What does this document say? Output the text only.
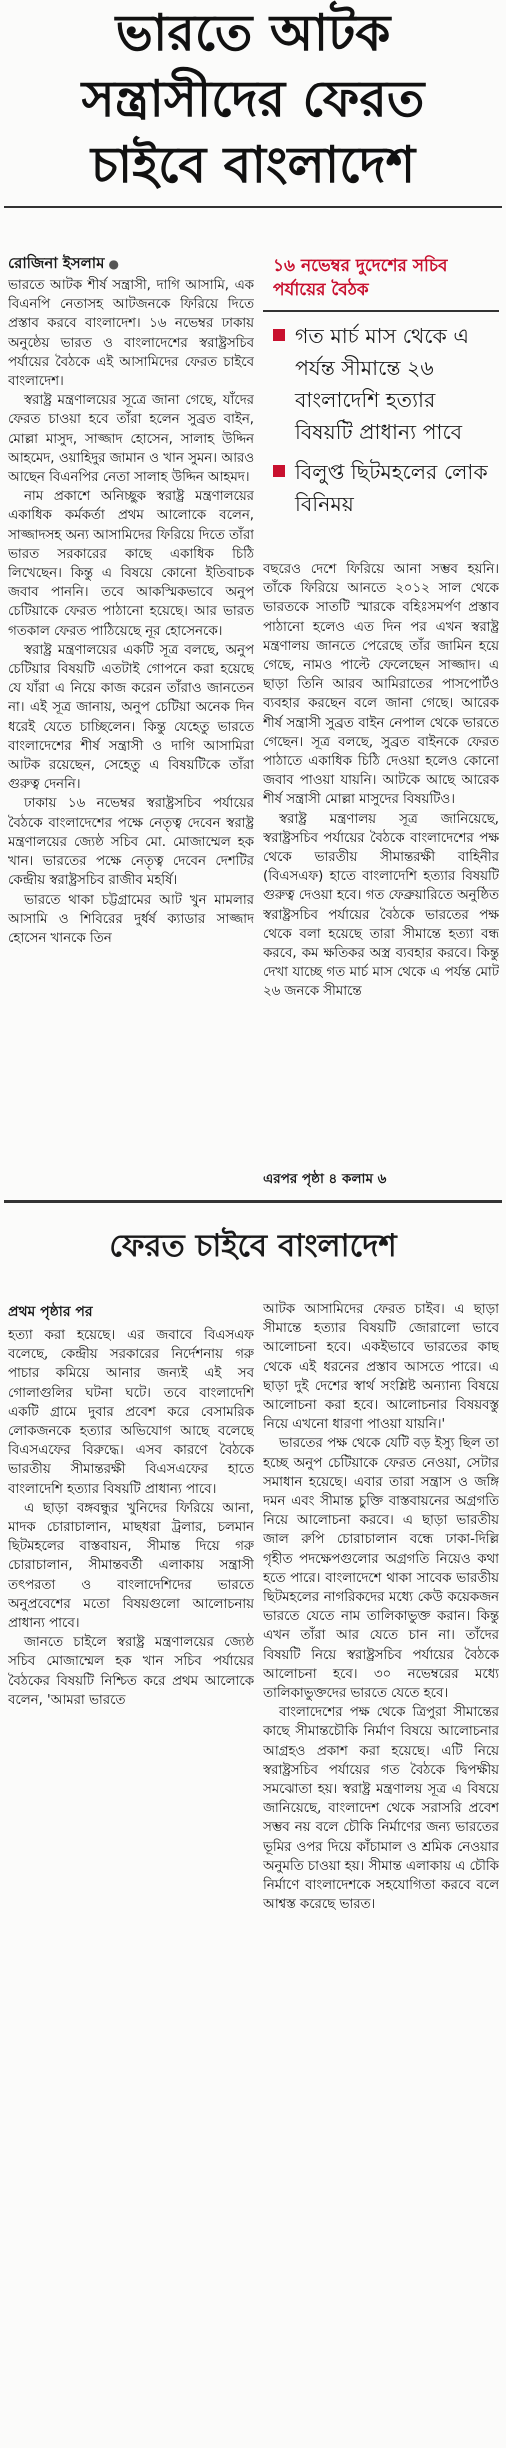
ভারতে আটক
সন্ত্রাসীদের ফেরত
চাইবে বাংলাদেশ
রোজিনা ইসলাম ●	১৬ নভেম্বর দুদেশের সচিব পর্যায়ের বৈঠক
গত মার্চ মাস থেকে এ পর্যন্ত সীমান্তে ২৬ বাংলাদেশি হত্যার বিষয়টি প্রাধান্য পাবে
বিলুপ্ত ছিটমহলের লোক বিনিময়

ভারতে আটক শীর্ষ সন্ত্রাসী, দাগি আসামি, এক বিএনপি নেতাসহ আটজনকে ফিরিয়ে দিতে প্রস্তাব করবে বাংলাদেশ। ১৬ নভেম্বর ঢাকায় অনুষ্ঠেয় ভারত ও বাংলাদেশের স্বরাষ্ট্রসচিব পর্যায়ের বৈঠকে এই আসামিদের ফেরত চাইবে বাংলাদেশ।

স্বরাষ্ট্র মন্ত্রণালয়ের সূত্রে জানা গেছে, যাঁদের ফেরত চাওয়া হবে তাঁরা হলেন সুব্রত বাইন, মোল্লা মাসুদ, সাজ্জাদ হোসেন, সালাহ উদ্দিন আহমেদ, ওয়াহিদুর জামান ও খান সুমন। আরও আছেন বিএনপির নেতা সালাহ উদ্দিন আহমদ।

নাম প্রকাশে অনিচ্ছুক স্বরাষ্ট্র মন্ত্রণালয়ের একাধিক কর্মকর্তা প্রথম আলোকে বলেন, সাজ্জাদসহ অন্য আসামিদের ফিরিয়ে দিতে তাঁরা ভারত সরকারের কাছে একাধিক চিঠি লিখেছেন। কিন্তু এ বিষয়ে কোনো ইতিবাচক জবাব পাননি। তবে আকস্মিকভাবে অনুপ চেটিয়াকে ফেরত পাঠানো হয়েছে। আর ভারত গতকাল ফেরত পাঠিয়েছে নূর হোসেনকে।

স্বরাষ্ট্র মন্ত্রণালয়ের একটি সূত্র বলছে, অনুপ চেটিয়ার বিষয়টি এতটাই গোপনে করা হয়েছে যে যাঁরা এ নিয়ে কাজ করেন তাঁরাও জানতেন না। এই সূত্র জানায়, অনুপ চেটিয়া অনেক দিন ধরেই যেতে চাচ্ছিলেন। কিন্তু যেহেতু ভারতে বাংলাদেশের শীর্ষ সন্ত্রাসী ও দাগি আসামিরা আটক রয়েছেন, সেহেতু এ বিষয়টিকে তাঁরা গুরুত্ব দেননি।

ঢাকায় ১৬ নভেম্বর স্বরাষ্ট্রসচিব পর্যায়ের বৈঠকে বাংলাদেশের পক্ষে নেতৃত্ব দেবেন স্বরাষ্ট্র মন্ত্রণালয়ের জ্যেষ্ঠ সচিব মো. মোজাম্মেল হক খান। ভারতের পক্ষে নেতৃত্ব দেবেন দেশটির কেন্দ্রীয় স্বরাষ্ট্রসচিব রাজীব মহর্ষি।

ভারতে থাকা চট্টগ্রামের আট খুন মামলার আসামি ও শিবিরের দুর্ধর্ষ ক্যাডার সাজ্জাদ হোসেন খানকে তিন

বছরেও দেশে ফিরিয়ে আনা সম্ভব হয়নি। তাঁকে ফিরিয়ে আনতে ২০১২ সাল থেকে ভারতকে সাতটি স্মারকে বহিঃসমর্পণ প্রস্তাব পাঠানো হলেও এত দিন পর এখন স্বরাষ্ট্র মন্ত্রণালয় জানতে পেরেছে তাঁর জামিন হয়ে গেছে, নামও পাল্টে ফেলেছেন সাজ্জাদ। এ ছাড়া তিনি আরব আমিরাতের পাসপোর্টও ব্যবহার করছেন বলে জানা গেছে। আরেক শীর্ষ সন্ত্রাসী সুব্রত বাইন নেপাল থেকে ভারতে গেছেন। সূত্র বলছে, সুব্রত বাইনকে ফেরত পাঠাতে একাধিক চিঠি দেওয়া হলেও কোনো জবাব পাওয়া যায়নি। আটকে আছে আরেক শীর্ষ সন্ত্রাসী মোল্লা মাসুদের বিষয়টিও।

স্বরাষ্ট্র মন্ত্রণালয় সূত্র জানিয়েছে, স্বরাষ্ট্রসচিব পর্যায়ের বৈঠকে বাংলাদেশের পক্ষ থেকে ভারতীয় সীমান্তরক্ষী বাহিনীর (বিএসএফ) হাতে বাংলাদেশি হত্যার বিষয়টি গুরুত্ব দেওয়া হবে। গত ফেব্রুয়ারিতে অনুষ্ঠিত স্বরাষ্ট্রসচিব পর্যায়ের বৈঠকে ভারতের পক্ষ থেকে বলা হয়েছে তারা সীমান্তে হত্যা বন্ধ করবে, কম ক্ষতিকর অস্ত্র ব্যবহার করবে। কিন্তু দেখা যাচ্ছে গত মার্চ মাস থেকে এ পর্যন্ত মোট ২৬ জনকে সীমান্তে

এরপর পৃষ্ঠা ৪ কলাম ৬
ফেরত চাইবে বাংলাদেশ
প্রথম পৃষ্ঠার পর

হত্যা করা হয়েছে। এর জবাবে বিএসএফ বলেছে, কেন্দ্রীয় সরকারের নির্দেশনায় গরু পাচার কমিয়ে আনার জন্যই এই সব গোলাগুলির ঘটনা ঘটে। তবে বাংলাদেশি একটি গ্রামে দুবার প্রবেশ করে বেসামরিক লোকজনকে হত্যার অভিযোগ আছে বলেছে বিএসএফের বিরুদ্ধে। এসব কারণে বৈঠকে ভারতীয় সীমান্তরক্ষী বিএসএফের হাতে বাংলাদেশি হত্যার বিষয়টি প্রাধান্য পাবে।

এ ছাড়া বঙ্গবন্ধুর খুনিদের ফিরিয়ে আনা, মাদক চোরাচালান, মাছধরা ট্রলার, চলমান ছিটমহলের বাস্তবায়ন, সীমান্ত দিয়ে গরু চোরাচালান, সীমান্তবর্তী এলাকায় সন্ত্রাসী তৎপরতা ও বাংলাদেশিদের ভারতে অনুপ্রবেশের মতো বিষয়গুলো আলোচনায় প্রাধান্য পাবে।

জানতে চাইলে স্বরাষ্ট্র মন্ত্রণালয়ের জ্যেষ্ঠ সচিব মোজাম্মেল হক খান সচিব পর্যায়ের বৈঠকের বিষয়টি নিশ্চিত করে প্রথম আলোকে বলেন, 'আমরা ভারতে

আটক আসামিদের ফেরত চাইব। এ ছাড়া সীমান্তে হত্যার বিষয়টি জোরালো ভাবে আলোচনা হবে। একইভাবে ভারতের কাছ থেকে এই ধরনের প্রস্তাব আসতে পারে। এ ছাড়া দুই দেশের স্বার্থ সংশ্লিষ্ট অন্যান্য বিষয়ে আলোচনা করা হবে। আলোচনার বিষয়বস্তু নিয়ে এখনো ধারণা পাওয়া যায়নি।'

ভারতের পক্ষ থেকে যেটি বড় ইস্যু ছিল তা হচ্ছে অনুপ চেটিয়াকে ফেরত নেওয়া, সেটার সমাধান হয়েছে। এবার তারা সন্ত্রাস ও জঙ্গি দমন এবং সীমান্ত চুক্তি বাস্তবায়নের অগ্রগতি নিয়ে আলোচনা করবে। এ ছাড়া ভারতীয় জাল রুপি চোরাচালান বন্ধে ঢাকা-দিল্লি গৃহীত পদক্ষেপগুলোর অগ্রগতি নিয়েও কথা হতে পারে। বাংলাদেশে থাকা সাবেক ভারতীয় ছিটমহলের নাগরিকদের মধ্যে কেউ কয়েকজন ভারতে যেতে নাম তালিকাভুক্ত করান। কিন্তু এখন তাঁরা আর যেতে চান না। তাঁদের বিষয়টি নিয়ে স্বরাষ্ট্রসচিব পর্যায়ের বৈঠকে আলোচনা হবে। ৩০ নভেম্বরের মধ্যে তালিকাভুক্তদের ভারতে যেতে হবে।

বাংলাদেশের পক্ষ থেকে ত্রিপুরা সীমান্তের কাছে সীমান্তচৌকি নির্মাণ বিষয়ে আলোচনার আগ্রহও প্রকাশ করা হয়েছে। এটি নিয়ে স্বরাষ্ট্রসচিব পর্যায়ের গত বৈঠকে দ্বিপক্ষীয় সমঝোতা হয়। স্বরাষ্ট্র মন্ত্রণালয় সূত্র এ বিষয়ে জানিয়েছে, বাংলাদেশ থেকে সরাসরি প্রবেশ সম্ভব নয় বলে চৌকি নির্মাণের জন্য ভারতের ভূমির ওপর দিয়ে কাঁচামাল ও শ্রমিক নেওয়ার অনুমতি চাওয়া হয়। সীমান্ত এলাকায় এ চৌকি নির্মাণে বাংলাদেশকে সহযোগিতা করবে বলে আশ্বস্ত করেছে ভারত।
